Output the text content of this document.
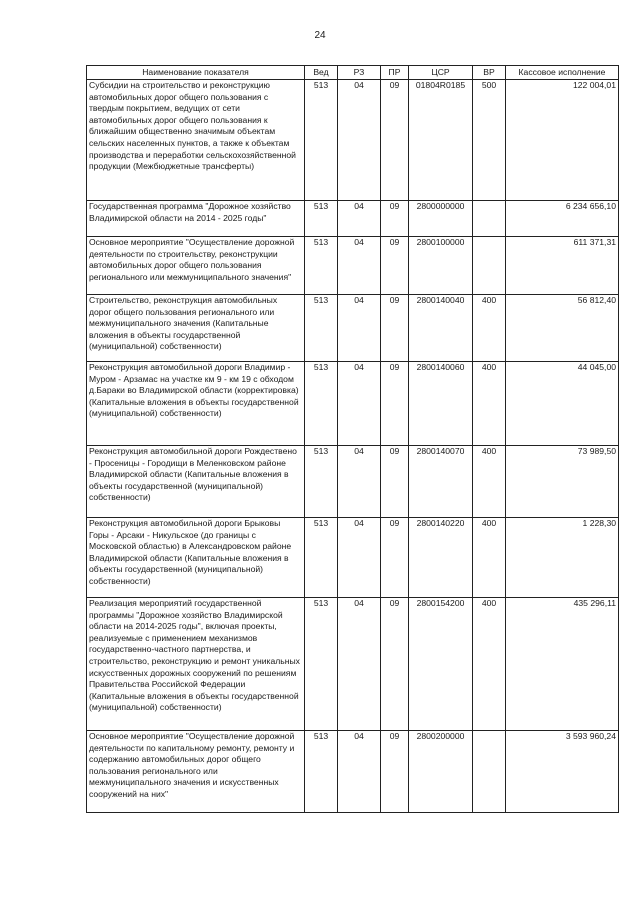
24
Наименование показателя	Вед	РЗ	ПР	ЦСР	ВР	Кассовое исполнение
Субсидии на строительство и реконструкцию автомобильных дорог общего пользования с твердым покрытием, ведущих от сети автомобильных дорог общего пользования к ближайшим общественно значимым объектам сельских населенных пунктов, а также к объектам производства и переработки сельскохозяйственной продукции (Межбюджетные трансферты)	513	04	09	01804R0185	500	122 004,01
Государственная программа "Дорожное хозяйство Владимирской области на 2014 - 2025 годы"	513	04	09	2800000000		6 234 656,10
Основное мероприятие "Осуществление дорожной деятельности по строительству, реконструкции автомобильных дорог общего пользования регионального или межмуниципального значения"	513	04	09	2800100000		611 371,31
Строительство, реконструкция автомобильных дорог общего пользования регионального или межмуниципального значения (Капитальные вложения в объекты государственной (муниципальной) собственности)	513	04	09	2800140040	400	56 812,40
Реконструкция автомобильной дороги Владимир - Муром - Арзамас на участке км 9 - км 19 с обходом д.Бараки во Владимирской области (корректировка) (Капитальные вложения в объекты государственной (муниципальной) собственности)	513	04	09	2800140060	400	44 045,00
Реконструкция автомобильной дороги Рождествено - Просеницы - Городищи в Меленковском районе Владимирской области (Капитальные вложения в объекты государственной (муниципальной) собственности)	513	04	09	2800140070	400	73 989,50
Реконструкция автомобильной дороги Брыковы Горы - Арсаки - Никульское (до границы с Московской областью) в Александровском районе Владимирской области (Капитальные вложения в объекты государственной (муниципальной) собственности)	513	04	09	2800140220	400	1 228,30
Реализация мероприятий государственной программы "Дорожное хозяйство Владимирской области на 2014-2025 годы", включая проекты, реализуемые с применением механизмов государственно-частного партнерства, и строительство, реконструкцию и ремонт уникальных искусственных дорожных сооружений по решениям Правительства Российской Федерации (Капитальные вложения в объекты государственной (муниципальной) собственности)	513	04	09	2800154200	400	435 296,11
Основное мероприятие "Осуществление дорожной деятельности по капитальному ремонту, ремонту и содержанию автомобильных дорог общего пользования регионального или межмуниципального значения и искусственных сооружений на них"	513	04	09	2800200000		3 593 960,24
